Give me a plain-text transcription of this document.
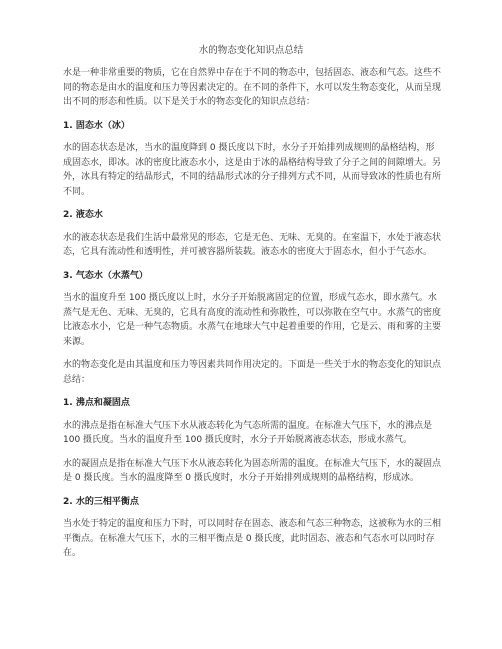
水的物态变化知识点总结

水是一种非常重要的物质，它在自然界中存在于不同的物态中，包括固态、液态和气态。这些不同的物态是由水的温度和压力等因素决定的。在不同的条件下，水可以发生物态变化，从而呈现出不同的形态和性质。以下是关于水的物态变化的知识点总结：

1. 固态水（冰）

水的固态状态是冰，当水的温度降到 0 摄氏度以下时，水分子开始排列成规则的晶格结构，形成固态水，即冰。冰的密度比液态水小，这是由于冰的晶格结构导致了分子之间的间隙增大。另外，冰具有特定的结晶形式，不同的结晶形式冰的分子排列方式不同，从而导致冰的性质也有所不同。

2. 液态水

水的液态状态是我们生活中最常见的形态，它是无色、无味、无臭的。在室温下，水处于液态状态，它具有流动性和透明性，并可被容器所装载。液态水的密度大于固态水，但小于气态水。

3. 气态水（水蒸气）

当水的温度升至 100 摄氏度以上时，水分子开始脱离固定的位置，形成气态水，即水蒸气。水蒸气是无色、无味、无臭的，它具有高度的流动性和弥散性，可以弥散在空气中。水蒸气的密度比液态水小，它是一种气态物质。水蒸气在地球大气中起着重要的作用，它是云、雨和雾的主要来源。

水的物态变化是由其温度和压力等因素共同作用决定的。下面是一些关于水的物态变化的知识点总结：

1. 沸点和凝固点

水的沸点是指在标准大气压下水从液态转化为气态所需的温度。在标准大气压下，水的沸点是 100 摄氏度。当水的温度升至 100 摄氏度时，水分子开始脱离液态状态，形成水蒸气。

水的凝固点是指在标准大气压下水从液态转化为固态所需的温度。在标准大气压下，水的凝固点是 0 摄氏度。当水的温度降至 0 摄氏度时，水分子开始排列成规则的晶格结构，形成冰。

2. 水的三相平衡点

当水处于特定的温度和压力下时，可以同时存在固态、液态和气态三种物态，这被称为水的三相平衡点。在标准大气压下，水的三相平衡点是 0 摄氏度，此时固态、液态和气态水可以同时存在。
